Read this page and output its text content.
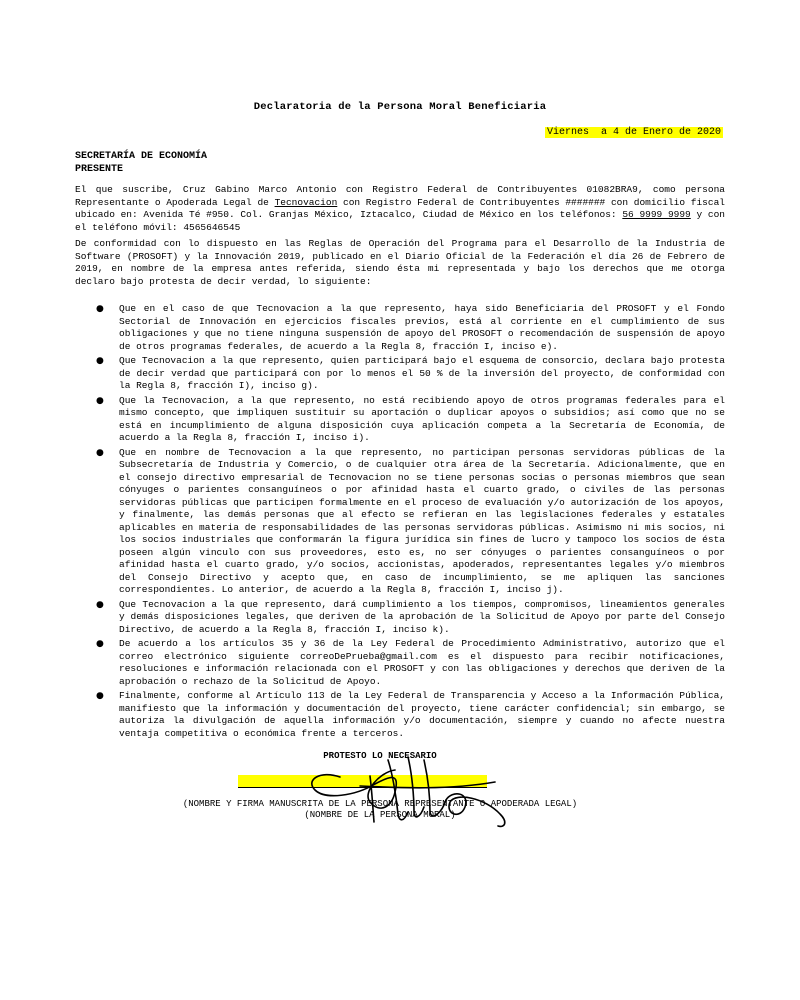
Declaratoria de la Persona Moral Beneficiaria
Viernes  a 4 de Enero de 2020
SECRETARÍA DE ECONOMÍA
PRESENTE
El que suscribe, Cruz Gabino Marco Antonio con Registro Federal de Contribuyentes 01082BRA9, como persona Representante o Apoderada Legal de Tecnovacion con Registro Federal de Contribuyentes ####### con domicilio fiscal ubicado en: Avenida Té #950. Col. Granjas México, Iztacalco, Ciudad de México en los teléfonos: 56 9999 9999 y con el teléfono móvil: 4565646545
De conformidad con lo dispuesto en las Reglas de Operación del Programa para el Desarrollo de la Industria de Software (PROSOFT) y la Innovación 2019, publicado en el Diario Oficial de la Federación el día 26 de Febrero de 2019, en nombre de la empresa antes referida, siendo ésta mi representada y bajo los derechos que me otorga declaro bajo protesta de decir verdad, lo siguiente:
● Que en el caso de que Tecnovacion a la que represento, haya sido Beneficiaria del PROSOFT y el Fondo Sectorial de Innovación en ejercicios fiscales previos, está al corriente en el cumplimiento de sus obligaciones y que no tiene ninguna suspensión de apoyo del PROSOFT o recomendación de suspensión de apoyo de otros programas federales, de acuerdo a la Regla 8, fracción I, inciso e).
● Que Tecnovacion a la que represento, quien participará bajo el esquema de consorcio, declara bajo protesta de decir verdad que participará con por lo menos el 50 % de la inversión del proyecto, de conformidad con la Regla 8, fracción I), inciso g).
● Que la Tecnovacion, a la que represento, no está recibiendo apoyo de otros programas federales para el mismo concepto, que impliquen sustituir su aportación o duplicar apoyos o subsidios; así como que no se está en incumplimiento de alguna disposición cuya aplicación competa a la Secretaría de Economía, de acuerdo a la Regla 8, fracción I, inciso i).
● Que en nombre de Tecnovacion a la que represento, no participan personas servidoras públicas de la Subsecretaría de Industria y Comercio, o de cualquier otra área de la Secretaría. Adicionalmente, que en el consejo directivo empresarial de Tecnovacion no se tiene personas socias o personas miembros que sean cónyuges o parientes consanguíneos o por afinidad hasta el cuarto grado, o civiles de las personas servidoras públicas que participen formalmente en el proceso de evaluación y/o autorización de los apoyos, y finalmente, las demás personas que al efecto se refieran en las legislaciones federales y estatales aplicables en materia de responsabilidades de las personas servidoras públicas. Asimismo ni mis socios, ni los socios industriales que conformarán la figura jurídica sin fines de lucro y tampoco los socios de ésta poseen algún vinculo con sus proveedores, esto es, no ser cónyuges o parientes consanguíneos o por afinidad hasta el cuarto grado, y/o socios, accionistas, apoderados, representantes legales y/o miembros del Consejo Directivo y acepto que, en caso de incumplimiento, se me apliquen las sanciones correspondientes. Lo anterior, de acuerdo a la Regla 8, fracción I, inciso j).
● Que Tecnovacion a la que represento, dará cumplimiento a los tiempos, compromisos, lineamientos generales y demás disposiciones legales, que deriven de la aprobación de la Solicitud de Apoyo por parte del Consejo Directivo, de acuerdo a la Regla 8, fracción I, inciso k).
● De acuerdo a los artículos 35 y 36 de la Ley Federal de Procedimiento Administrativo, autorizo que el correo electrónico siguiente correoDePrueba@gmail.com es el dispuesto para recibir notificaciones, resoluciones e información relacionada con el PROSOFT y con las obligaciones y derechos que deriven de la aprobación o rechazo de la Solicitud de Apoyo.
● Finalmente, conforme al Artículo 113 de la Ley Federal de Transparencia y Acceso a la Información Pública, manifiesto que la información y documentación del proyecto, tiene carácter confidencial; sin embargo, se autoriza la divulgación de aquella información y/o documentación, siempre y cuando no afecte nuestra ventaja competitiva o económica frente a terceros.
PROTESTO LO NECESARIO
(NOMBRE Y FIRMA MANUSCRITA DE LA PERSONA REPRESENTANTE O APODERADA LEGAL)
(NOMBRE DE LA PERSONA MORAL)
